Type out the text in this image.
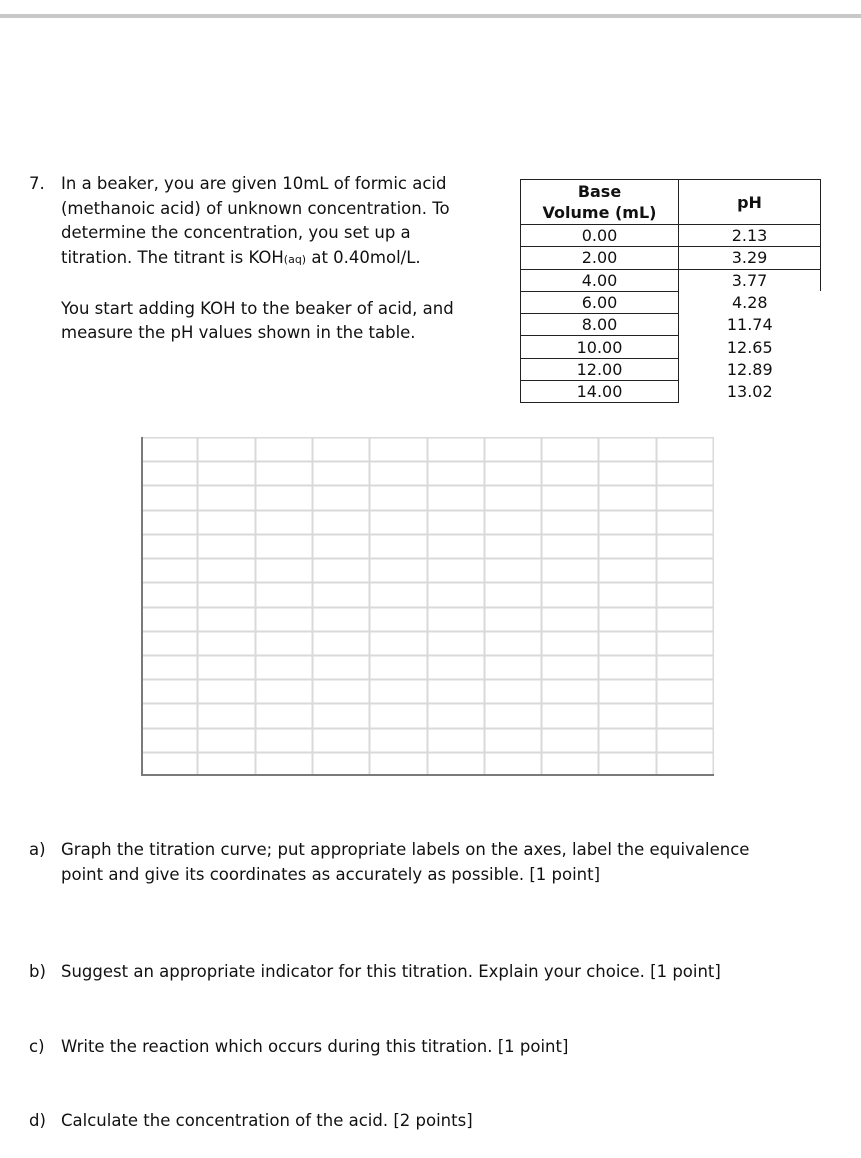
7. In a beaker, you are given 10mL of formic acid
(methanoic acid) of unknown concentration. To
determine the concentration, you set up a
titration. The titrant is KOH(aq) at 0.40mol/L.

You start adding KOH to the beaker of acid, and
measure the pH values shown in the table.

Base
Volume (mL)	pH
0.00	2.13
2.00	3.29
4.00	3.77
6.00	4.28
8.00	11.74
10.00	12.65
12.00	12.89
14.00	13.02
a) Graph the titration curve; put appropriate labels on the axes, label the equivalence
point and give its coordinates as accurately as possible. [1 point]
b) Suggest an appropriate indicator for this titration. Explain your choice. [1 point]
c) Write the reaction which occurs during this titration. [1 point]
d) Calculate the concentration of the acid. [2 points]
